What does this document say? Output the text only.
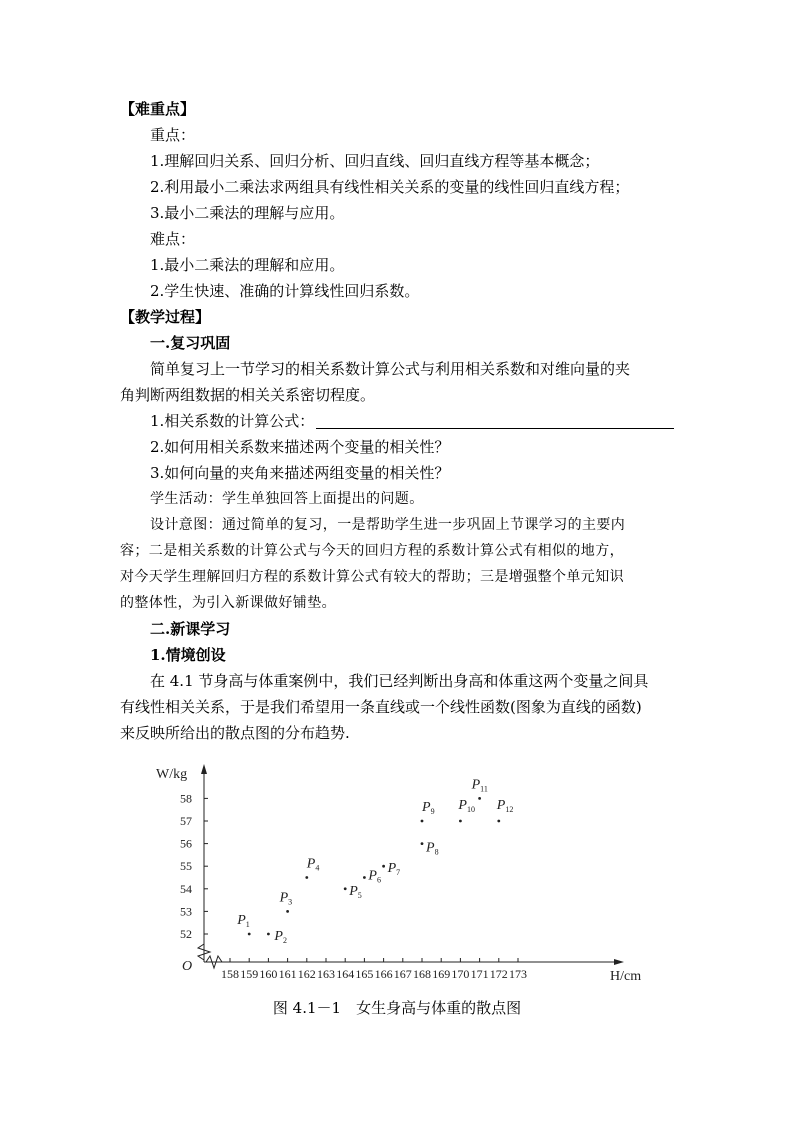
【难重点】
重点：
1.理解回归关系、回归分析、回归直线、回归直线方程等基本概念；
2.利用最小二乘法求两组具有线性相关关系的变量的线性回归直线方程；
3.最小二乘法的理解与应用。
难点：
1.最小二乘法的理解和应用。
2.学生快速、准确的计算线性回归系数。
【教学过程】
一.复习巩固
简单复习上一节学习的相关系数计算公式与利用相关系数和对维向量的夹
角判断两组数据的相关关系密切程度。
1.相关系数的计算公式：
2.如何用相关系数来描述两个变量的相关性？
3.如何向量的夹角来描述两组变量的相关性？
学生活动：学生单独回答上面提出的问题。
设计意图：通过简单的复习，一是帮助学生进一步巩固上节课学习的主要内
容；二是相关系数的计算公式与今天的回归方程的系数计算公式有相似的地方，
对今天学生理解回归方程的系数计算公式有较大的帮助；三是增强整个单元知识
的整体性，为引入新课做好铺垫。
二.新课学习
1.情境创设
在 4.1 节身高与体重案例中，我们已经判断出身高和体重这两个变量之间具
有线性相关关系，于是我们希望用一条直线或一个线性函数(图象为直线的函数)
来反映所给出的散点图的分布趋势.
O
W/kg
H/cm
158 159 160 161 162 163 164 165 166 167 168 169 170 171 172 173
52
53
54
55
56
57
58
$P_1$
$P_2$
$P_3$
$P_4$
$P_5$
$P_6$
$P_7$
$P_8$
$P_9$ $P_{10}$
$P_{11}$
$P_{12}$
图 4.1－1　女生身高与体重的散点图
